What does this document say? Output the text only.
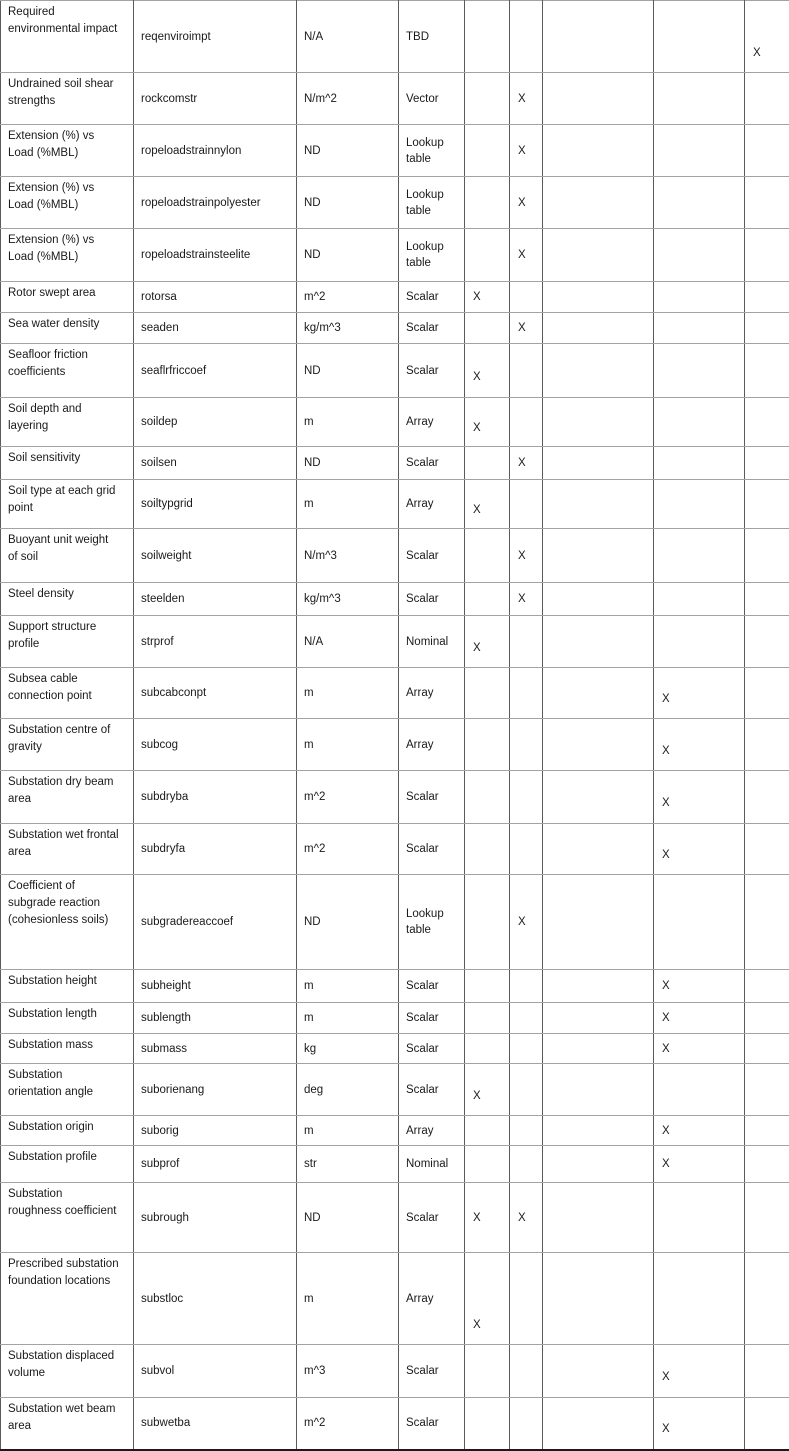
Required environmental impact	reqenviroimpt	N/A	TBD					X
Undrained soil shear strengths	rockcomstr	N/m^2	Vector		X			
Extension (%) vs Load (%MBL)	ropeloadstrainnylon	ND	Lookup table		X			
Extension (%) vs Load (%MBL)	ropeloadstrainpolyester	ND	Lookup table		X			
Extension (%) vs Load (%MBL)	ropeloadstrainsteelite	ND	Lookup table		X			
Rotor swept area	rotorsa	m^2	Scalar	X				
Sea water density	seaden	kg/m^3	Scalar		X			
Seafloor friction coefficients	seaflrfriccoef	ND	Scalar	X				
Soil depth and layering	soildep	m	Array	X				
Soil sensitivity	soilsen	ND	Scalar		X			
Soil type at each grid point	soiltypgrid	m	Array	X				
Buoyant unit weight of soil	soilweight	N/m^3	Scalar		X			
Steel density	steelden	kg/m^3	Scalar		X			
Support structure profile	strprof	N/A	Nominal	X				
Subsea cable connection point	subcabconpt	m	Array				X	
Substation centre of gravity	subcog	m	Array				X	
Substation dry beam area	subdryba	m^2	Scalar				X	
Substation wet frontal area	subdryfa	m^2	Scalar				X	
Coefficient of subgrade reaction (cohesionless soils)	subgradereaccoef	ND	Lookup table		X			
Substation height	subheight	m	Scalar				X	
Substation length	sublength	m	Scalar				X	
Substation mass	submass	kg	Scalar				X	
Substation orientation angle	suborienang	deg	Scalar	X				
Substation origin	suborig	m	Array				X	
Substation profile	subprof	str	Nominal				X	
Substation roughness coefficient	subrough	ND	Scalar	X	X			
Prescribed substation foundation locations	substloc	m	Array	X				
Substation displaced volume	subvol	m^3	Scalar				X	
Substation wet beam area	subwetba	m^2	Scalar				X	
